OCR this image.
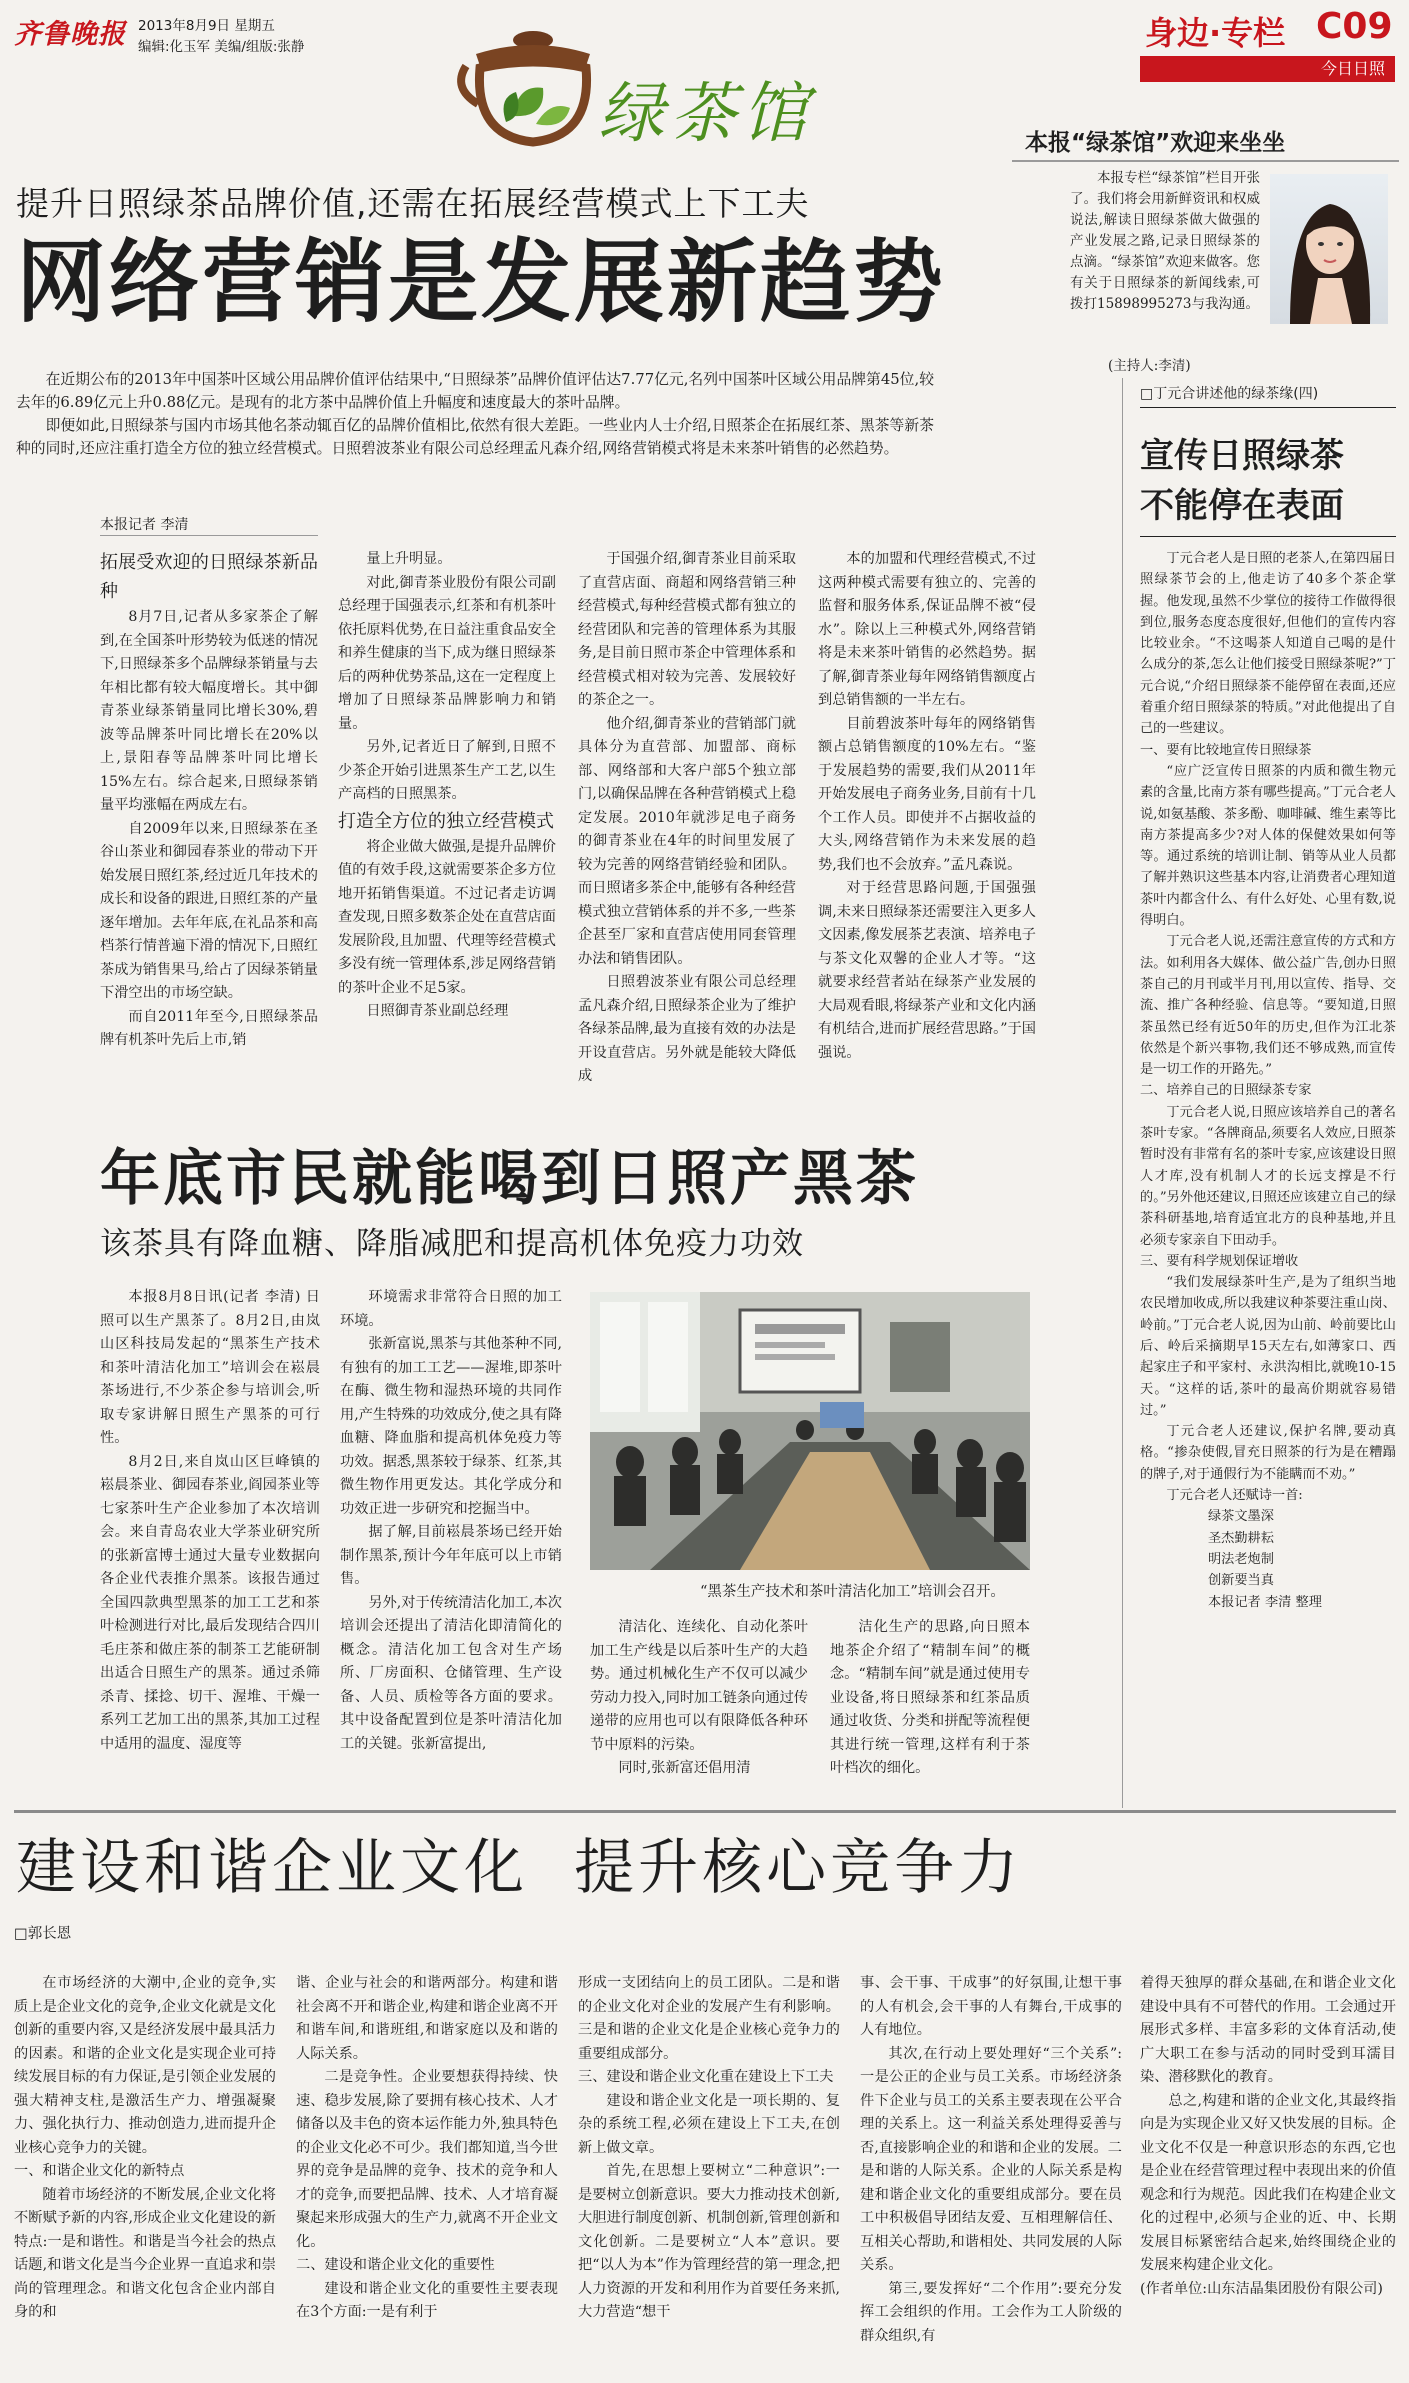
齐鲁晚报 2013年8月9日 星期五
编辑:化玉军 美编/组版:张静
绿茶馆
身边·专栏 C09
今日日照
本报“绿茶馆”欢迎来坐坐

本报专栏“绿茶馆”栏目开张了。我们将会用新鲜资讯和权威说法,解读日照绿茶做大做强的产业发展之路,记录日照绿茶的点滴。“绿茶馆”欢迎来做客。您有关于日照绿茶的新闻线索,可拨打15898995273与我沟通。

(主持人:李清)
提升日照绿茶品牌价值,还需在拓展经营模式上下工夫
网络营销是发展新趋势

在近期公布的2013年中国茶叶区域公用品牌价值评估结果中,“日照绿茶”品牌价值评估达7.77亿元,名列中国茶叶区域公用品牌第45位,较去年的6.89亿元上升0.88亿元。是现有的北方茶中品牌价值上升幅度和速度最大的茶叶品牌。

即便如此,日照绿茶与国内市场其他名茶动辄百亿的品牌价值相比,依然有很大差距。一些业内人士介绍,日照茶企在拓展红茶、黑茶等新茶种的同时,还应注重打造全方位的独立经营模式。日照碧波茶业有限公司总经理孟凡森介绍,网络营销模式将是未来茶叶销售的必然趋势。

本报记者 李清

拓展受欢迎的日照绿茶新品种

8月7日,记者从多家茶企了解到,在全国茶叶形势较为低迷的情况下,日照绿茶多个品牌绿茶销量与去年相比都有较大幅度增长。其中御青茶业绿茶销量同比增长30%,碧波等品牌茶叶同比增长在20%以上,景阳春等品牌茶叶同比增长15%左右。综合起来,日照绿茶销量平均涨幅在两成左右。

自2009年以来,日照绿茶在圣谷山茶业和御园春茶业的带动下开始发展日照红茶,经过近几年技术的成长和设备的跟进,日照红茶的产量逐年增加。去年年底,在礼品茶和高档茶行情普遍下滑的情况下,日照红茶成为销售果马,给占了因绿茶销量下滑空出的市场空缺。

而自2011年至今,日照绿茶品牌有机茶叶先后上市,销

量上升明显。

对此,御青茶业股份有限公司副总经理于国强表示,红茶和有机茶叶依托原料优势,在日益注重食品安全和养生健康的当下,成为继日照绿茶后的两种优势茶品,这在一定程度上增加了日照绿茶品牌影响力和销量。

另外,记者近日了解到,日照不少茶企开始引进黑茶生产工艺,以生产高档的日照黑茶。

打造全方位的独立经营模式

将企业做大做强,是提升品牌价值的有效手段,这就需要茶企多方位地开拓销售渠道。不过记者走访调查发现,日照多数茶企处在直营店面发展阶段,且加盟、代理等经营模式多没有统一管理体系,涉足网络营销的茶叶企业不足5家。

日照御青茶业副总经理

于国强介绍,御青茶业目前采取了直营店面、商超和网络营销三种经营模式,每种经营模式都有独立的经营团队和完善的管理体系为其服务,是目前日照市茶企中管理体系和经营模式相对较为完善、发展较好的茶企之一。

他介绍,御青茶业的营销部门就具体分为直营部、加盟部、商标部、网络部和大客户部5个独立部门,以确保品牌在各种营销模式上稳定发展。2010年就涉足电子商务的御青茶业在4年的时间里发展了较为完善的网络营销经验和团队。而日照诸多茶企中,能够有各种经营模式独立营销体系的并不多,一些茶企甚至厂家和直营店使用同套管理办法和销售团队。

日照碧波茶业有限公司总经理孟凡森介绍,日照绿茶企业为了维护各绿茶品牌,最为直接有效的办法是开设直营店。另外就是能较大降低成

本的加盟和代理经营模式,不过这两种模式需要有独立的、完善的监督和服务体系,保证品牌不被“侵水”。除以上三种模式外,网络营销将是未来茶叶销售的必然趋势。据了解,御青茶业每年网络销售额度占到总销售额的一半左右。

目前碧波茶叶每年的网络销售额占总销售额度的10%左右。“鉴于发展趋势的需要,我们从2011年开始发展电子商务业务,目前有十几个工作人员。即使并不占据收益的大头,网络营销作为未来发展的趋势,我们也不会放弃。”孟凡森说。

对于经营思路问题,于国强强调,未来日照绿茶还需要注入更多人文因素,像发展茶艺表演、培养电子与茶文化双馨的企业人才等。“这就要求经营者站在绿茶产业发展的大局观看眼,将绿茶产业和文化内涵有机结合,进而扩展经营思路。”于国强说。

年底市民就能喝到日照产黑茶
该茶具有降血糖、降脂减肥和提高机体免疫力功效

本报8月8日讯(记者 李清) 日照可以生产黑茶了。8月2日,由岚山区科技局发起的“黑茶生产技术和茶叶清洁化加工”培训会在崧晨茶场进行,不少茶企参与培训会,听取专家讲解日照生产黑茶的可行性。

8月2日,来自岚山区巨峰镇的崧晨茶业、御园春茶业,阎园茶业等七家茶叶生产企业参加了本次培训会。来自青岛农业大学茶业研究所的张新富博士通过大量专业数据向各企业代表推介黑茶。该报告通过全国四款典型黑茶的加工工艺和茶叶检测进行对比,最后发现结合四川毛庄茶和做庄茶的制茶工艺能研制出适合日照生产的黑茶。通过杀筛杀青、揉捻、切干、渥堆、干燥一系列工艺加工出的黑茶,其加工过程中适用的温度、湿度等

环境需求非常符合日照的加工环境。

张新富说,黑茶与其他茶种不同,有独有的加工工艺——渥堆,即茶叶在酶、微生物和湿热环境的共同作用,产生特殊的功效成分,使之具有降血糖、降血脂和提高机体免疫力等功效。据悉,黑茶较于绿茶、红茶,其微生物作用更发达。其化学成分和功效正进一步研究和挖掘当中。

据了解,目前崧晨茶场已经开始制作黑茶,预计今年年底可以上市销售。

另外,对于传统清洁化加工,本次培训会还提出了清洁化即清简化的概念。清洁化加工包含对生产场所、厂房面积、仓储管理、生产设备、人员、质检等各方面的要求。其中设备配置到位是茶叶清洁化加工的关键。张新富提出,

“黑茶生产技术和茶叶清洁化加工”培训会召开。

清洁化、连续化、自动化茶叶加工生产线是以后茶叶生产的大趋势。通过机械化生产不仅可以减少劳动力投入,同时加工链条向通过传递带的应用也可以有限降低各种环节中原料的污染。

同时,张新富还倡用清

洁化生产的思路,向日照本地茶企介绍了“精制车间”的概念。“精制车间”就是通过使用专业设备,将日照绿茶和红茶品质通过收货、分类和拼配等流程便其进行统一管理,这样有利于茶叶档次的细化。

□丁元合讲述他的绿茶缘(四)
宣传日照绿茶
不能停在表面

丁元合老人是日照的老茶人,在第四届日照绿茶节会的上,他走访了40多个茶企掌握。他发现,虽然不少掌位的接待工作做得很到位,服务态度态度很好,但他们的宣传内容比较业余。“不这喝茶人知道自己喝的是什么成分的茶,怎么让他们接受日照绿茶呢?”丁元合说,“介绍日照绿茶不能停留在表面,还应着重介绍日照绿茶的特质。”对此他提出了自己的一些建议。

一、要有比较地宣传日照绿茶

“应广泛宣传日照茶的内质和微生物元素的含量,比南方茶有哪些提高。”丁元合老人说,如氨基酸、茶多酚、咖啡碱、维生素等比南方茶提高多少?对人体的保健效果如何等等。通过系统的培训让制、销等从业人员都了解并熟识这些基本内容,让消费者心理知道茶叶内都含什么、有什么好处、心里有数,说得明白。

丁元合老人说,还需注意宣传的方式和方法。如利用各大媒体、做公益广告,创办日照茶自己的月刊或半月刊,用以宣传、指导、交流、推广各种经验、信息等。“要知道,日照茶虽然已经有近50年的历史,但作为江北茶依然是个新兴事物,我们还不够成熟,而宣传是一切工作的开路先。”

二、培养自己的日照绿茶专家

丁元合老人说,日照应该培养自己的著名茶叶专家。“各牌商品,须要名人效应,日照茶暂时没有非常有名的茶叶专家,应该建设日照人才库,没有机制人才的长远支撑是不行的。”另外他还建议,日照还应该建立自己的绿茶科研基地,培育适宜北方的良种基地,并且必须专家亲自下田动手。

三、要有科学规划保证增收

“我们发展绿茶叶生产,是为了组织当地农民增加收成,所以我建议种茶要注重山岗、岭前。”丁元合老人说,因为山前、岭前要比山后、岭后采摘期早15天左右,如薄家口、西起家庄子和平家村、永洪沟相比,就晚10-15天。“这样的话,茶叶的最高价期就容易错过。”

丁元合老人还建议,保护名牌,要动真格。“掺杂使假,冒充日照茶的行为是在糟蹋的牌子,对于通假行为不能瞒而不劝。”

丁元合老人还赋诗一首:

绿茶文墨深
圣杰勤耕耘
明法老炮制
创新要当真
本报记者 李清 整理
建设和谐企业文化  提升核心竞争力
□郭长恩

在市场经济的大潮中,企业的竞争,实质上是企业文化的竞争,企业文化就是文化创新的重要内容,又是经济发展中最具活力的因素。和谐的企业文化是实现企业可持续发展目标的有力保证,是引领企业发展的强大精神支柱,是激活生产力、增强凝聚力、强化执行力、推动创造力,进而提升企业核心竞争力的关键。

一、和谐企业文化的新特点

随着市场经济的不断发展,企业文化将不断赋予新的内容,形成企业文化建设的新特点:一是和谐性。和谐是当今社会的热点话题,和谐文化是当今企业界一直追求和崇尚的管理理念。和谐文化包含企业内部自身的和

谐、企业与社会的和谐两部分。构建和谐社会离不开和谐企业,构建和谐企业离不开和谐车间,和谐班组,和谐家庭以及和谐的人际关系。

二是竞争性。企业要想获得持续、快速、稳步发展,除了要拥有核心技术、人才储备以及丰色的资本运作能力外,独具特色的企业文化必不可少。我们都知道,当今世界的竞争是品牌的竞争、技术的竞争和人才的竞争,而要把品牌、技术、人才培育凝聚起来形成强大的生产力,就离不开企业文化。

二、建设和谐企业文化的重要性

建设和谐企业文化的重要性主要表现在3个方面:一是有利于

形成一支团结向上的员工团队。二是和谐的企业文化对企业的发展产生有利影响。三是和谐的企业文化是企业核心竞争力的重要组成部分。

三、建设和谐企业文化重在建设上下工夫

建设和谐企业文化是一项长期的、复杂的系统工程,必须在建设上下工夫,在创新上做文章。

首先,在思想上要树立“二种意识”:一是要树立创新意识。要大力推动技术创新,大胆进行制度创新、机制创新,管理创新和文化创新。二是要树立“人本”意识。要把“以人为本”作为管理经营的第一理念,把人力资源的开发和利用作为首要任务来抓,大力营造“想干

事、会干事、干成事”的好氛围,让想干事的人有机会,会干事的人有舞台,干成事的人有地位。

其次,在行动上要处理好“三个关系”:一是公正的企业与员工关系。市场经济条件下企业与员工的关系主要表现在公平合理的关系上。这一利益关系处理得妥善与否,直接影响企业的和谐和企业的发展。二是和谐的人际关系。企业的人际关系是构建和谐企业文化的重要组成部分。要在员工中积极倡导团结友爱、互相理解信任、互相关心帮助,和谐相处、共同发展的人际关系。

第三,要发挥好“二个作用”:要充分发挥工会组织的作用。工会作为工人阶级的群众组织,有

着得天独厚的群众基础,在和谐企业文化建设中具有不可替代的作用。工会通过开展形式多样、丰富多彩的文体育活动,使广大职工在参与活动的同时受到耳濡目染、潜移默化的教育。

总之,构建和谐的企业文化,其最终指向是为实现企业又好又快发展的目标。企业文化不仅是一种意识形态的东西,它也是企业在经营管理过程中表现出来的价值观念和行为规范。因此我们在构建企业文化的过程中,必须与企业的近、中、长期发展目标紧密结合起来,始终围绕企业的发展来构建企业文化。

(作者单位:山东洁晶集团股份有限公司)
